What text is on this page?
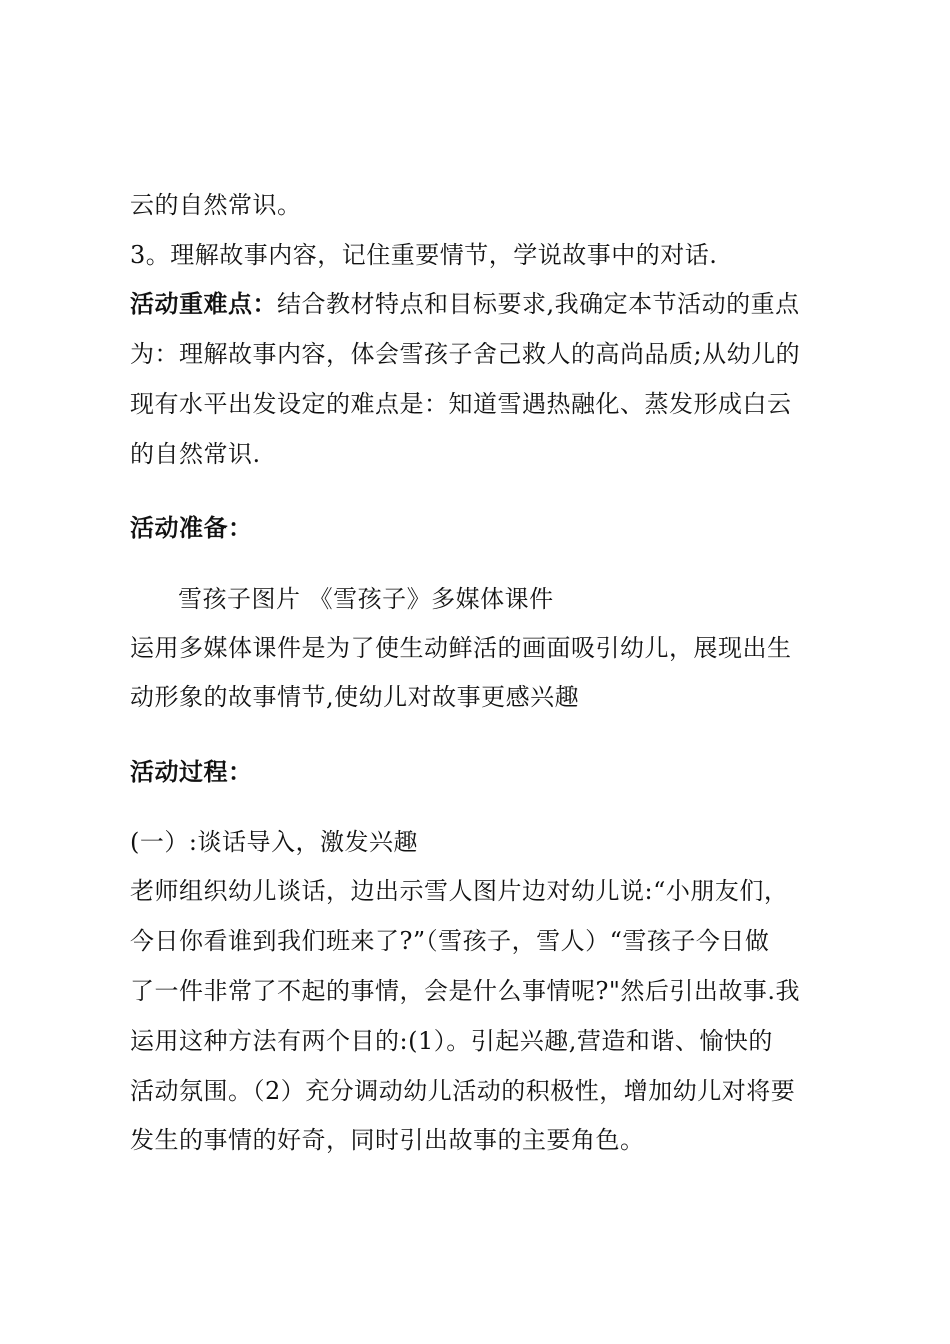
云的自然常识。
3。理解故事内容，记住重要情节，学说故事中的对话.
活动重难点：结合教材特点和目标要求,我确定本节活动的重点
为：理解故事内容，体会雪孩子舍己救人的高尚品质;从幼儿的
现有水平出发设定的难点是：知道雪遇热融化、蒸发形成白云
的自然常识.
活动准备：
雪孩子图片 《雪孩子》多媒体课件
运用多媒体课件是为了使生动鲜活的画面吸引幼儿，展现出生
动形象的故事情节,使幼儿对故事更感兴趣
活动过程：
(一）:谈话导入，激发兴趣
老师组织幼儿谈话，边出示雪人图片边对幼儿说:“小朋友们，
今日你看谁到我们班来了?”（雪孩子，雪人）“雪孩子今日做
了一件非常了不起的事情，会是什么事情呢?"然后引出故事.我
运用这种方法有两个目的:(1）。引起兴趣,营造和谐、愉快的
活动氛围。（2）充分调动幼儿活动的积极性，增加幼儿对将要
发生的事情的好奇，同时引出故事的主要角色。
